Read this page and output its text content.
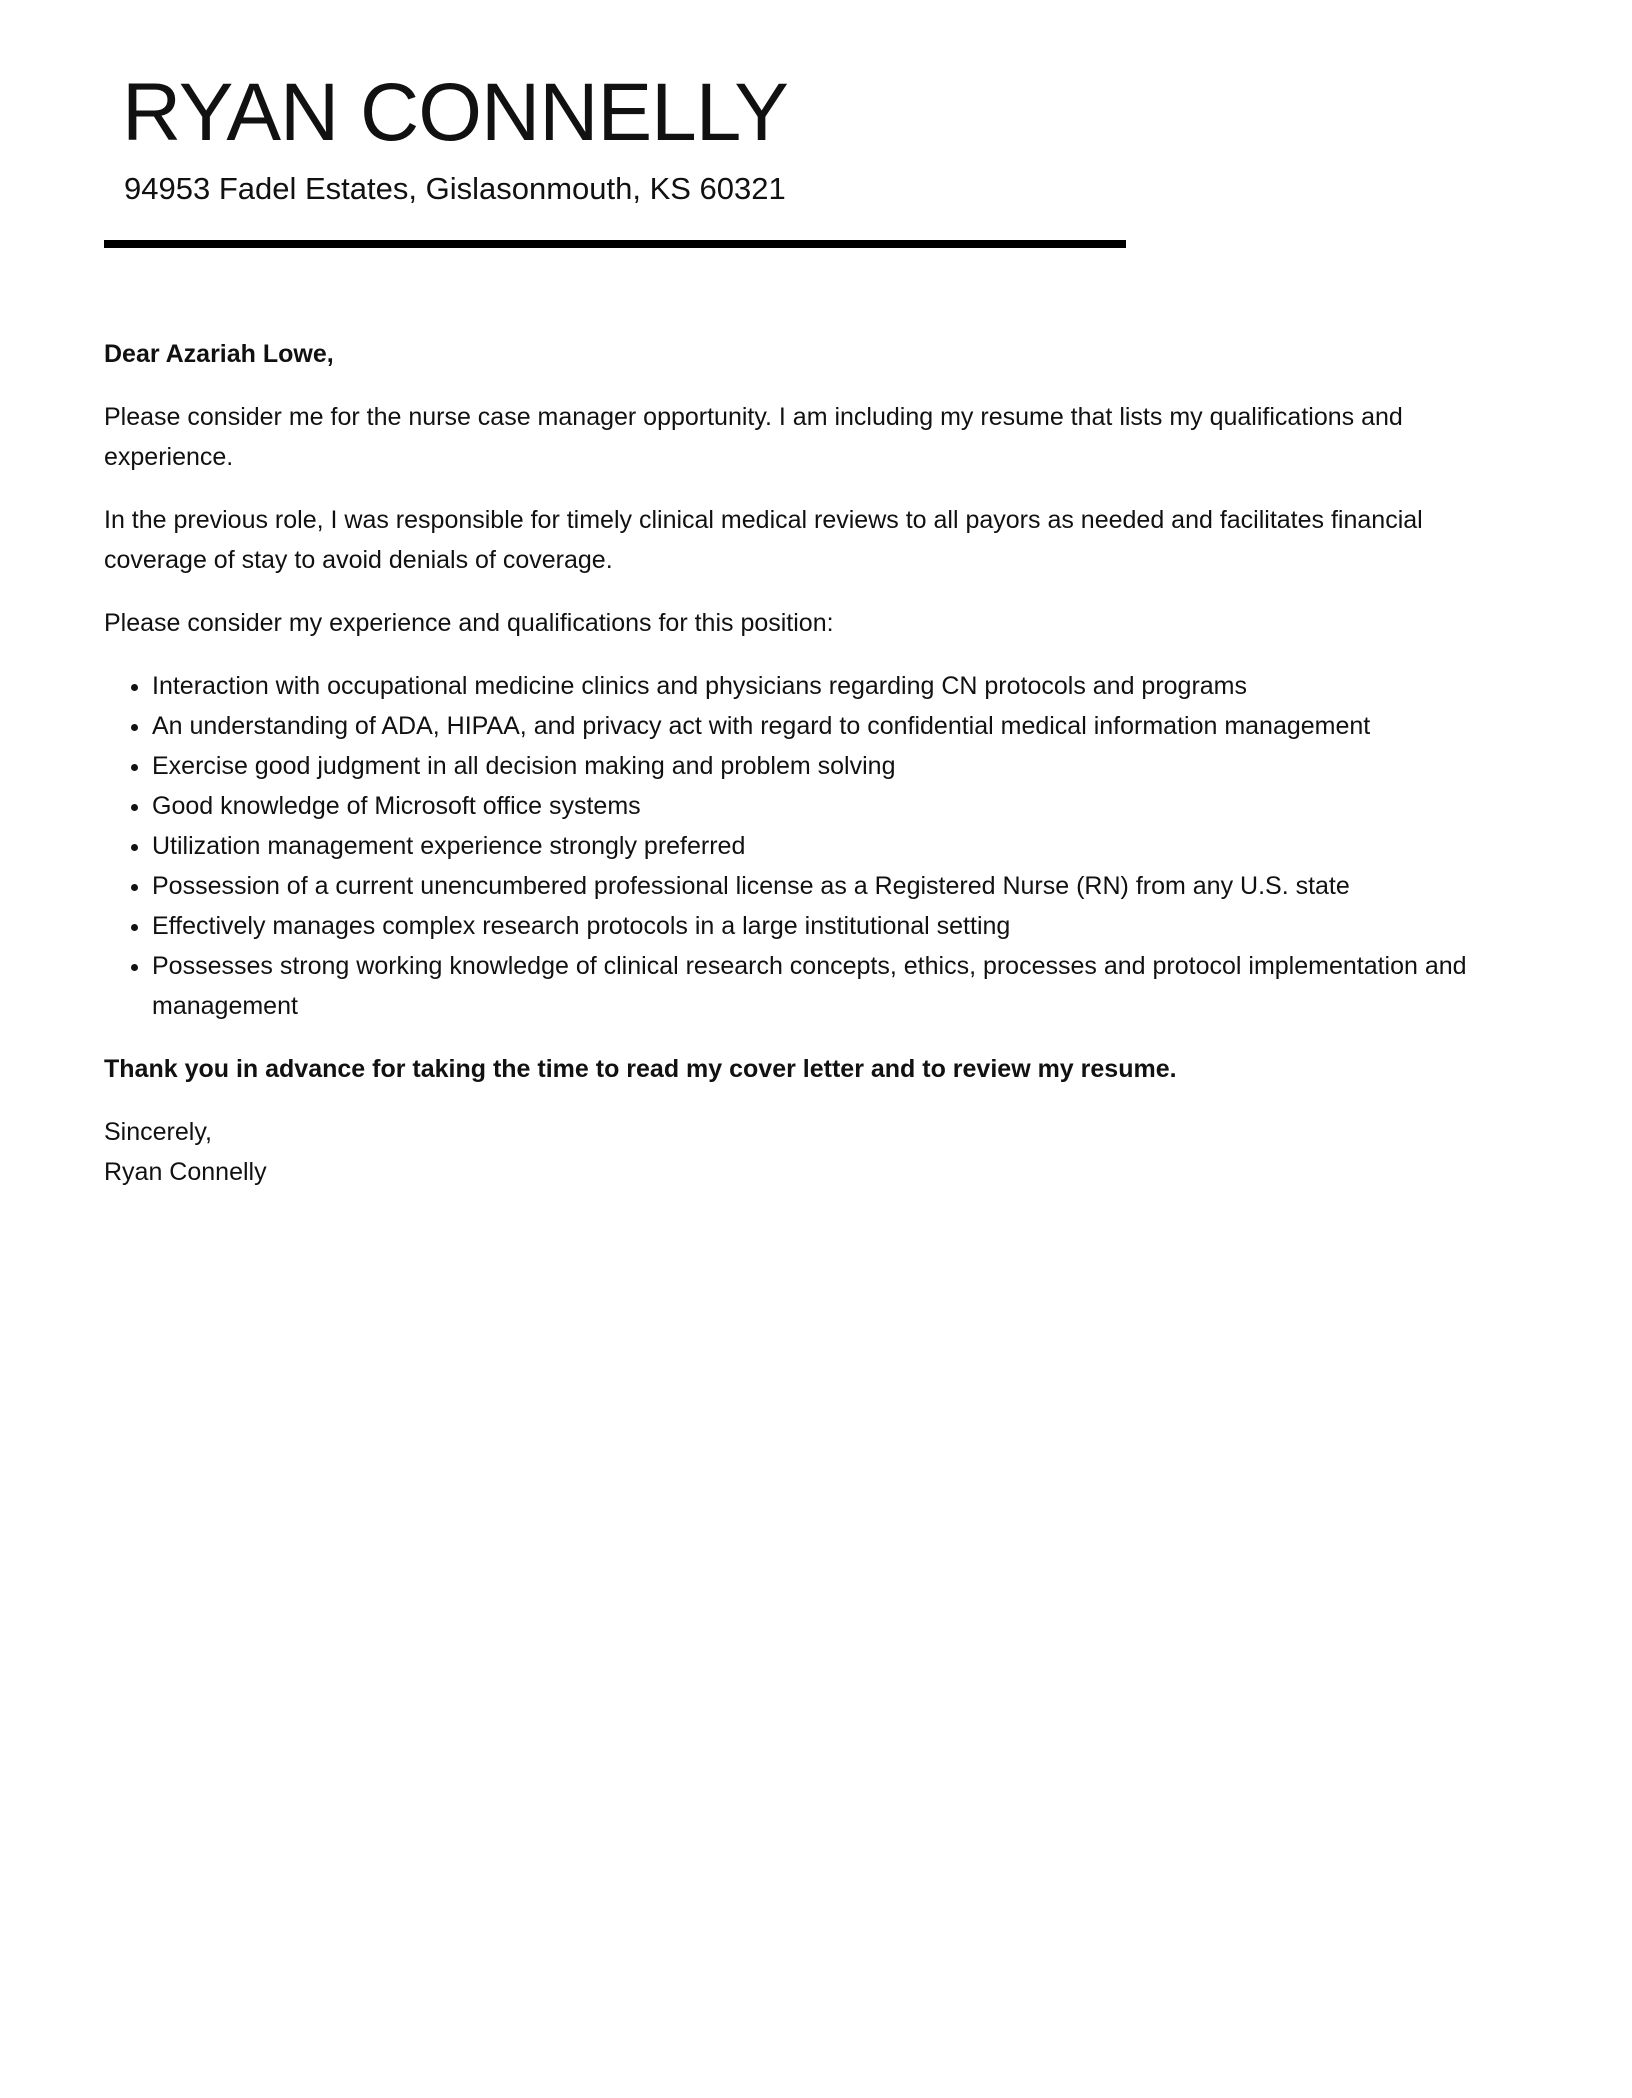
RYAN CONNELLY
94953 Fadel Estates, Gislasonmouth, KS 60321

Dear Azariah Lowe,

Please consider me for the nurse case manager opportunity. I am including my resume that lists my qualifications and experience.

In the previous role, I was responsible for timely clinical medical reviews to all payors as needed and facilitates financial coverage of stay to avoid denials of coverage.

Please consider my experience and qualifications for this position:

• Interaction with occupational medicine clinics and physicians regarding CN protocols and programs
• An understanding of ADA, HIPAA, and privacy act with regard to confidential medical information management
• Exercise good judgment in all decision making and problem solving
• Good knowledge of Microsoft office systems
• Utilization management experience strongly preferred
• Possession of a current unencumbered professional license as a Registered Nurse (RN) from any U.S. state
• Effectively manages complex research protocols in a large institutional setting
• Possesses strong working knowledge of clinical research concepts, ethics, processes and protocol implementation and management

Thank you in advance for taking the time to read my cover letter and to review my resume.

Sincerely,

Ryan Connelly
